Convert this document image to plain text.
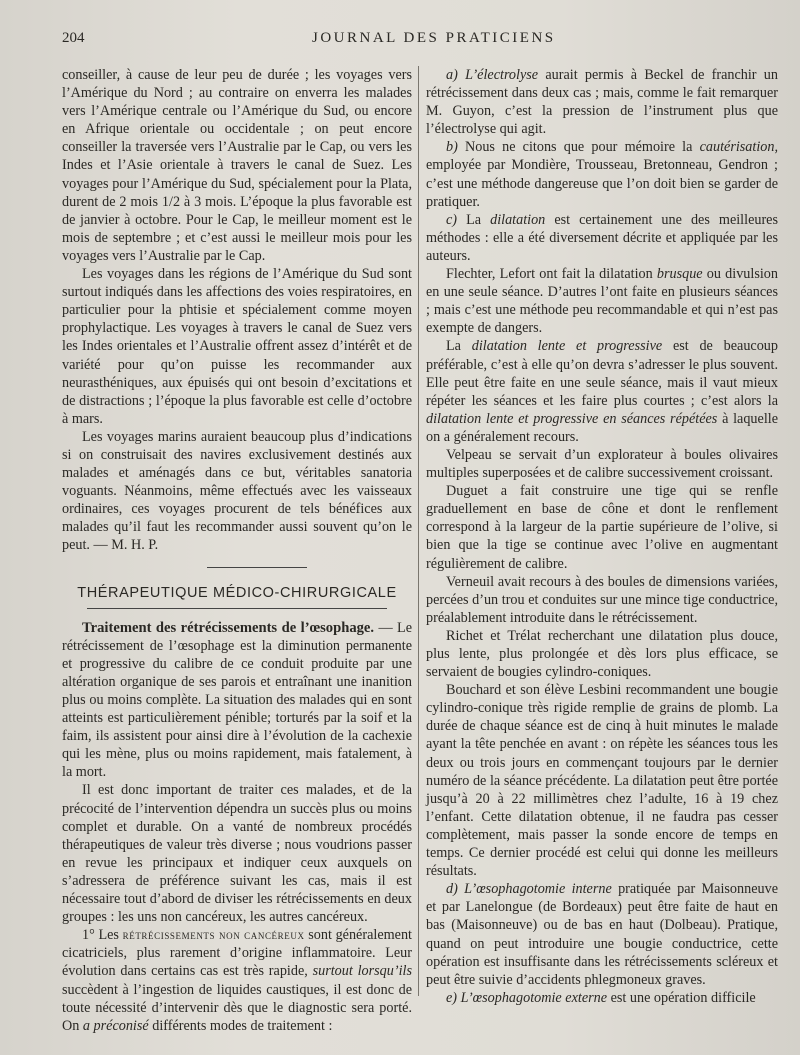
204	JOURNAL DES PRATICIENS

conseiller, à cause de leur peu de durée ; les voyages vers l’Amérique du Nord ; au contraire on enverra les malades vers l’Amérique centrale ou l’Amérique du Sud, ou encore en Afrique orientale ou occidentale ; on peut encore conseiller la traversée vers l’Australie par le Cap, ou vers les Indes et l’Asie orientale à travers le canal de Suez. Les voyages pour l’Amérique du Sud, spécialement pour la Plata, durent de 2 mois 1/2 à 3 mois. L’époque la plus favorable est de janvier à octobre. Pour le Cap, le meilleur moment est le mois de septembre ; et c’est aussi le meilleur mois pour les voyages vers l’Australie par le Cap.

Les voyages dans les régions de l’Amérique du Sud sont surtout indiqués dans les affections des voies respiratoires, en particulier pour la phtisie et spécialement comme moyen prophylactique. Les voyages à travers le canal de Suez vers les Indes orientales et l’Australie offrent assez d’intérêt et de variété pour qu’on puisse les recommander aux neurasthéniques, aux épuisés qui ont besoin d’excitations et de distractions ; l’époque la plus favorable est celle d’octobre à mars.

Les voyages marins auraient beaucoup plus d’indications si on construisait des navires exclusivement destinés aux malades et aménagés dans ce but, véritables sanatoria voguants. Néanmoins, même effectués avec les vaisseaux ordinaires, ces voyages procurent de tels bénéfices aux malades qu’il faut les recommander aussi souvent qu’on le peut. — M. H. P.

THÉRAPEUTIQUE MÉDICO-CHIRURGICALE

Traitement des rétrécissements de l’œsophage. — Le rétrécissement de l’œsophage est la diminution permanente et progressive du calibre de ce conduit produite par une altération organique de ses parois et entraînant une inanition plus ou moins complète. La situation des malades qui en sont atteints est particulièrement pénible; torturés par la soif et la faim, ils assistent pour ainsi dire à l’évolution de la cachexie qui les mène, plus ou moins rapidement, mais fatalement, à la mort.

Il est donc important de traiter ces malades, et de la précocité de l’intervention dépendra un succès plus ou moins complet et durable. On a vanté de nombreux procédés thérapeutiques de valeur très diverse ; nous voudrions passer en revue les principaux et indiquer ceux auxquels on s’adressera de préférence suivant les cas, mais il est nécessaire tout d’abord de diviser les rétrécissements en deux groupes : les uns non cancéreux, les autres cancéreux.

1° Les rétrécissements non cancéreux sont généralement cicatriciels, plus rarement d’origine inflammatoire. Leur évolution dans certains cas est très rapide, surtout lorsqu’ils succèdent à l’ingestion de liquides caustiques, il est donc de toute nécessité d’intervenir dès que le diagnostic sera porté. On a préconisé différents modes de traitement :

a) L’électrolyse aurait permis à Beckel de franchir un rétrécissement dans deux cas ; mais, comme le fait remarquer M. Guyon, c’est la pression de l’instrument plus que l’électrolyse qui agit.

b) Nous ne citons que pour mémoire la cautérisation, employée par Mondière, Trousseau, Bretonneau, Gendron ; c’est une méthode dangereuse que l’on doit bien se garder de pratiquer.

c) La dilatation est certainement une des meilleures méthodes : elle a été diversement décrite et appliquée par les auteurs.

Flechter, Lefort ont fait la dilatation brusque ou divulsion en une seule séance. D’autres l’ont faite en plusieurs séances ; mais c’est une méthode peu recommandable et qui n’est pas exempte de dangers.

La dilatation lente et progressive est de beaucoup préférable, c’est à elle qu’on devra s’adresser le plus souvent. Elle peut être faite en une seule séance, mais il vaut mieux répéter les séances et les faire plus courtes ; c’est alors la dilatation lente et progressive en séances répétées à laquelle on a généralement recours.

Velpeau se servait d’un explorateur à boules olivaires multiples superposées et de calibre successivement croissant.

Duguet a fait construire une tige qui se renfle graduellement en base de cône et dont le renflement correspond à la largeur de la partie supérieure de l’olive, si bien que la tige se continue avec l’olive en augmentant régulièrement de calibre.

Verneuil avait recours à des boules de dimensions variées, percées d’un trou et conduites sur une mince tige conductrice, préalablement introduite dans le rétrécissement.

Richet et Trélat recherchant une dilatation plus douce, plus lente, plus prolongée et dès lors plus efficace, se servaient de bougies cylindro-coniques.

Bouchard et son élève Lesbini recommandent une bougie cylindro-conique très rigide remplie de grains de plomb. La durée de chaque séance est de cinq à huit minutes le malade ayant la tête penchée en avant : on répète les séances tous les deux ou trois jours en commençant toujours par le dernier numéro de la séance précédente. La dilatation peut être portée jusqu’à 20 à 22 millimètres chez l’adulte, 16 à 19 chez l’enfant. Cette dilatation obtenue, il ne faudra pas cesser complètement, mais passer la sonde encore de temps en temps. Ce dernier procédé est celui qui donne les meilleurs résultats.

d) L’œsophagotomie interne pratiquée par Maisonneuve et par Lanelongue (de Bordeaux) peut être faite de haut en bas (Maisonneuve) ou de bas en haut (Dolbeau). Pratique, quand on peut introduire une bougie conductrice, cette opération est insuffisante dans les rétrécissements scléreux et peut être suivie d’accidents phlegmoneux graves.

e) L’œsophagotomie externe est une opération difficile
